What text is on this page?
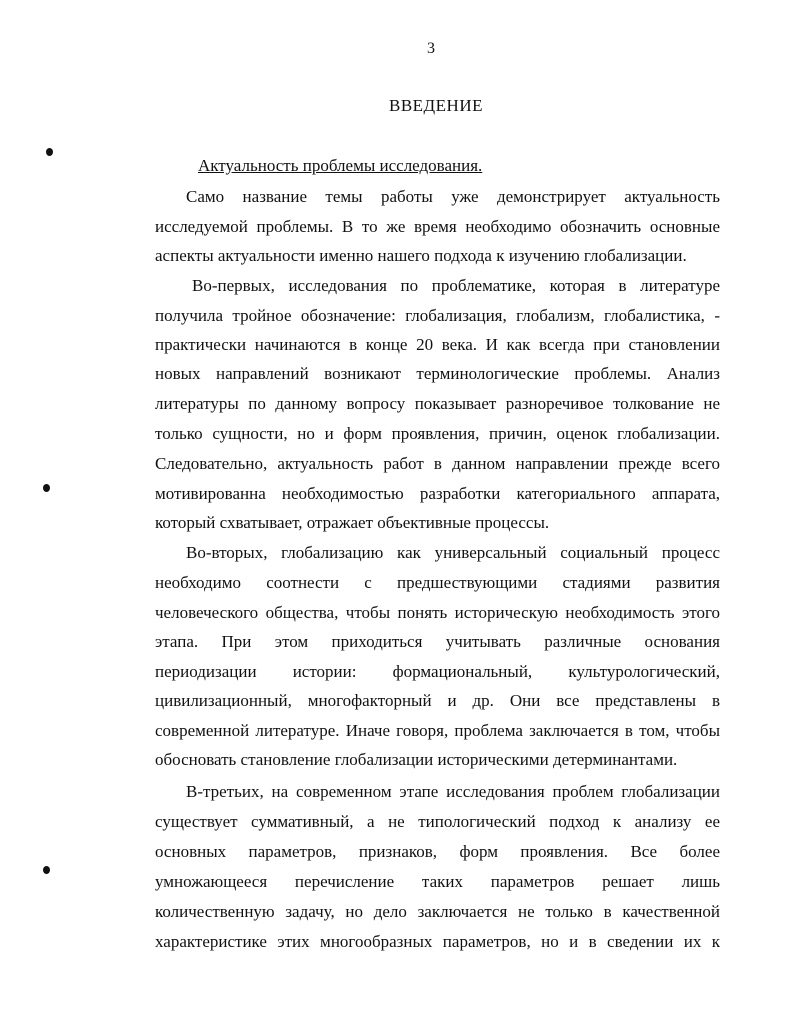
3
ВВЕДЕНИЕ
Актуальность проблемы исследования.
Само название темы работы уже демонстрирует актуальность
исследуемой проблемы. В то же время необходимо обозначить основные
аспекты актуальности именно нашего подхода к изучению глобализации.
Во-первых, исследования по проблематике, которая в литературе
получила тройное обозначение: глобализация, глобализм, глобалистика, -
практически начинаются в конце 20 века. И как всегда при становлении
новых направлений возникают терминологические проблемы. Анализ
литературы по данному вопросу показывает разноречивое толкование не
только сущности, но и форм проявления, причин, оценок глобализации.
Следовательно, актуальность работ в данном направлении прежде всего
мотивированна необходимостью разработки категориального аппарата,
который схватывает, отражает объективные процессы.
Во-вторых, глобализацию как универсальный социальный процесс
необходимо соотнести с предшествующими стадиями развития
человеческого общества, чтобы понять историческую необходимость этого
этапа. При этом приходиться учитывать различные основания
периодизации истории: формациональный, культурологический,
цивилизационный, многофакторный и др. Они все представлены в
современной литературе. Иначе говоря, проблема заключается в том, чтобы
обосновать становление глобализации историческими детерминантами.
В-третьих, на современном этапе исследования проблем глобализации
существует суммативный, а не типологический подход к анализу ее
основных параметров, признаков, форм проявления. Все более
умножающееся перечисление таких параметров решает лишь
количественную задачу, но дело заключается не только в качественной
характеристике этих многообразных параметров, но и в сведении их к
